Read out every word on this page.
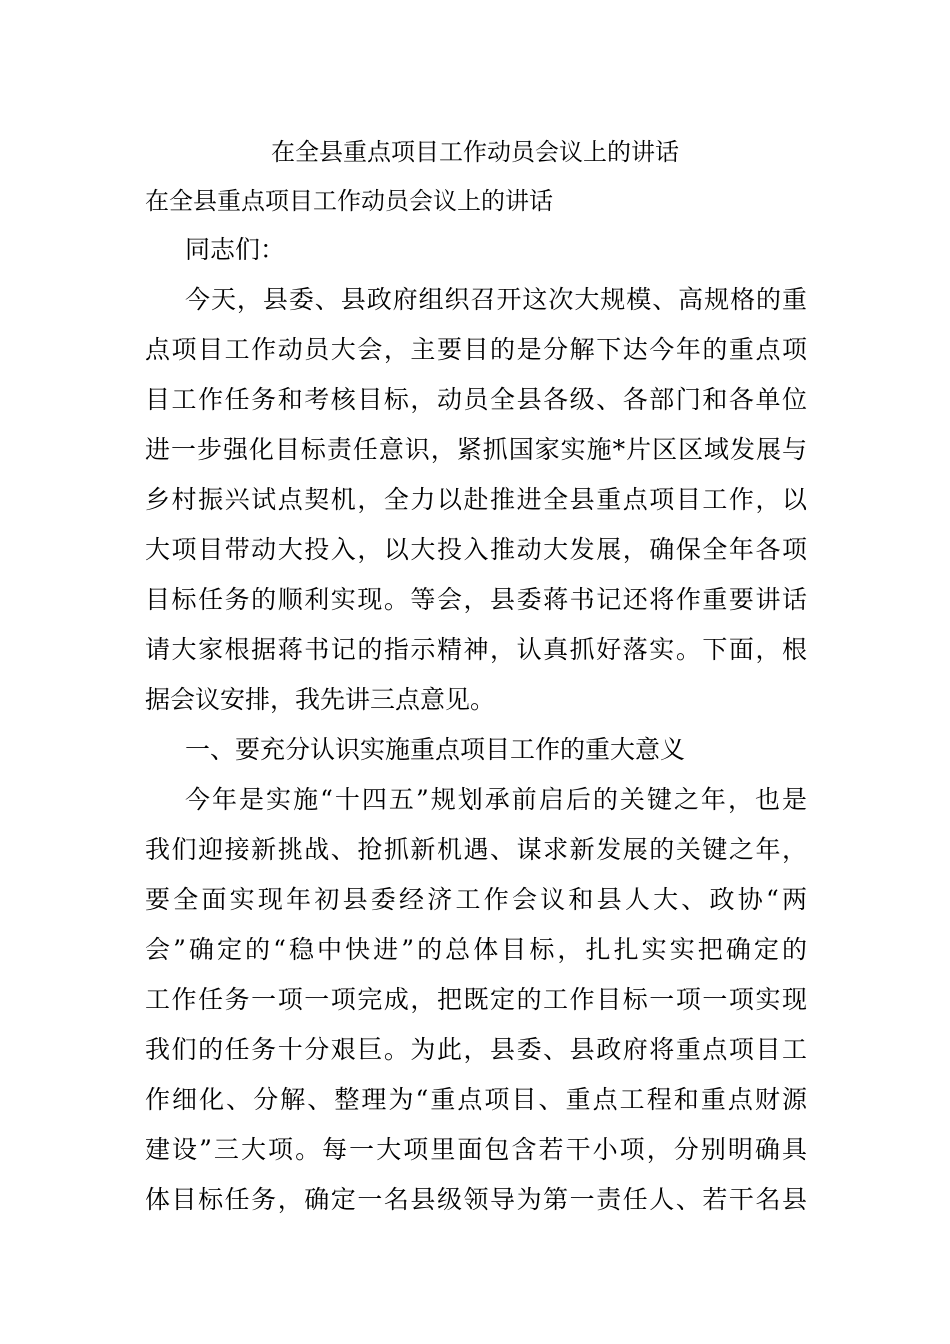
在全县重点项目工作动员会议上的讲话
在全县重点项目工作动员会议上的讲话

同志们：

今天，县委、县政府组织召开这次大规模、高规格的重

点项目工作动员大会，主要目的是分解下达今年的重点项

目工作任务和考核目标，动员全县各级、各部门和各单位

进一步强化目标责任意识，紧抓国家实施*片区区域发展与

乡村振兴试点契机，全力以赴推进全县重点项目工作，以

大项目带动大投入，以大投入推动大发展，确保全年各项

目标任务的顺利实现。等会，县委蒋书记还将作重要讲话

请大家根据蒋书记的指示精神，认真抓好落实。下面，根

据会议安排，我先讲三点意见。

一、要充分认识实施重点项目工作的重大意义

今年是实施“十四五”规划承前启后的关键之年，也是

我们迎接新挑战、抢抓新机遇、谋求新发展的关键之年，

要全面实现年初县委经济工作会议和县人大、政协“两

会”确定的“稳中快进”的总体目标，扎扎实实把确定的

工作任务一项一项完成，把既定的工作目标一项一项实现

我们的任务十分艰巨。为此，县委、县政府将重点项目工

作细化、分解、整理为“重点项目、重点工程和重点财源

建设”三大项。每一大项里面包含若干小项，分别明确具

体目标任务，确定一名县级领导为第一责任人、若干名县
